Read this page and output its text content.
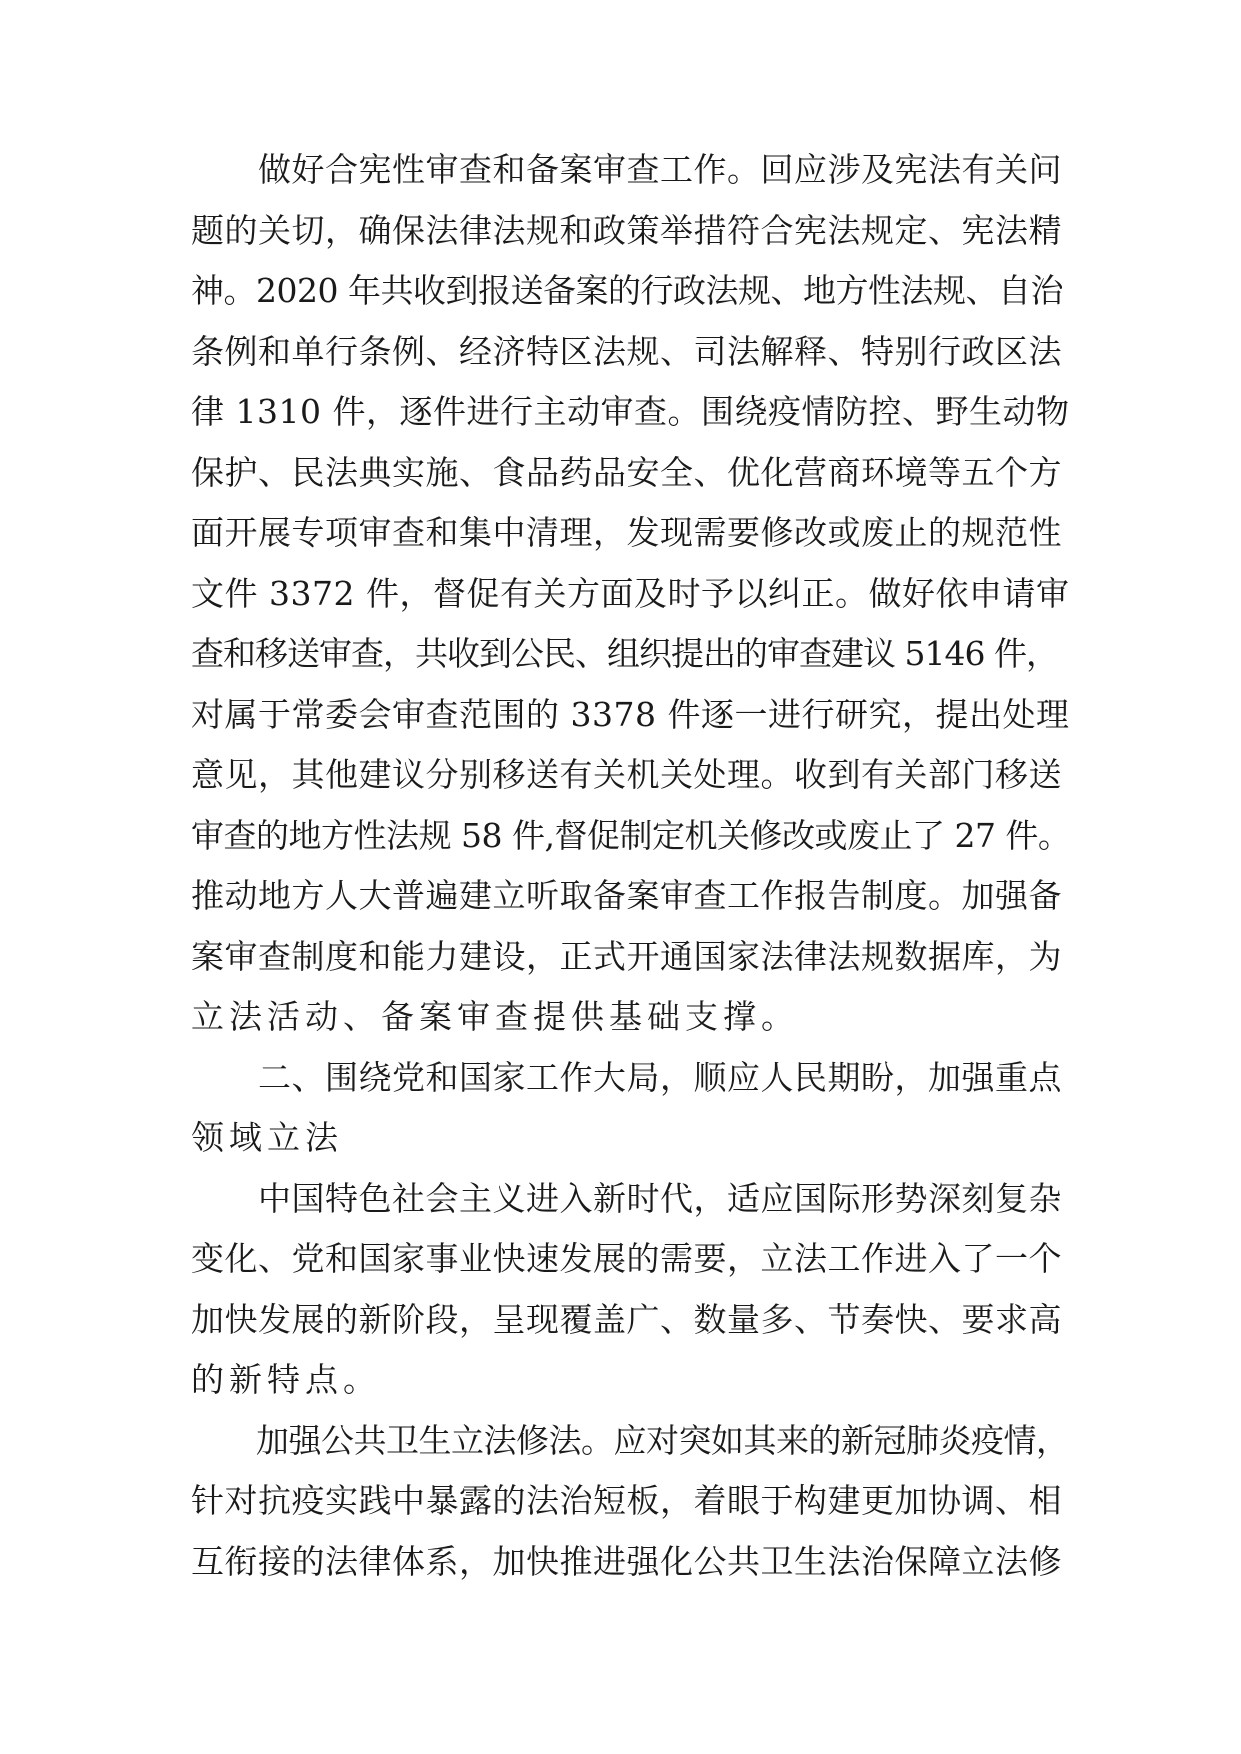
　　做好合宪性审查和备案审查工作。回应涉及宪法有关问
题的关切，确保法律法规和政策举措符合宪法规定、宪法精
神。2020 年共收到报送备案的行政法规、地方性法规、自治
条例和单行条例、经济特区法规、司法解释、特别行政区法
律 1310 件，逐件进行主动审查。围绕疫情防控、野生动物
保护、民法典实施、食品药品安全、优化营商环境等五个方
面开展专项审查和集中清理，发现需要修改或废止的规范性
文件 3372 件，督促有关方面及时予以纠正。做好依申请审
查和移送审查，共收到公民、组织提出的审查建议 5146 件，
对属于常委会审查范围的 3378 件逐一进行研究，提出处理
意见，其他建议分别移送有关机关处理。收到有关部门移送
审查的地方性法规 58 件,督促制定机关修改或废止了 27 件。
推动地方人大普遍建立听取备案审查工作报告制度。加强备
案审查制度和能力建设，正式开通国家法律法规数据库，为
立法活动、备案审查提供基础支撑。
　　二、围绕党和国家工作大局，顺应人民期盼，加强重点
领域立法
　　中国特色社会主义进入新时代，适应国际形势深刻复杂
变化、党和国家事业快速发展的需要，立法工作进入了一个
加快发展的新阶段，呈现覆盖广、数量多、节奏快、要求高
的新特点。
　　加强公共卫生立法修法。应对突如其来的新冠肺炎疫情，
针对抗疫实践中暴露的法治短板，着眼于构建更加协调、相
互衔接的法律体系，加快推进强化公共卫生法治保障立法修
